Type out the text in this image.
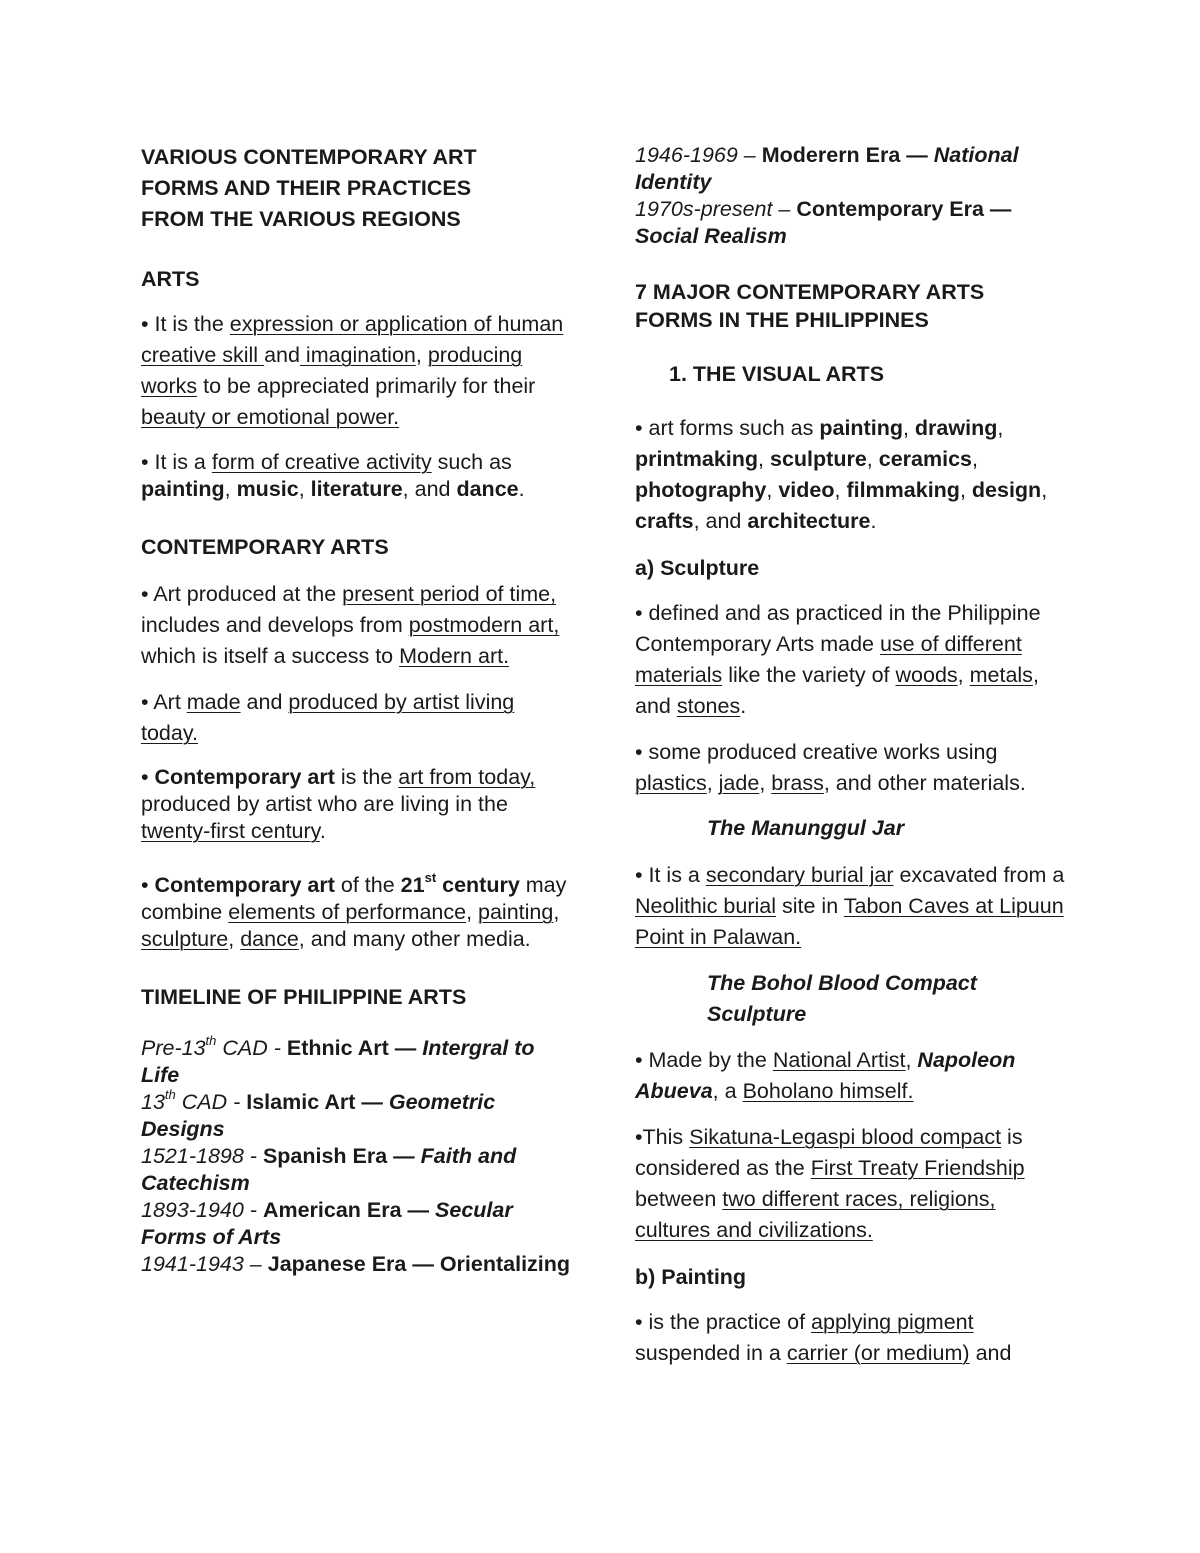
VARIOUS CONTEMPORARY ART
FORMS AND THEIR PRACTICES
FROM THE VARIOUS REGIONS

ARTS

• It is the expression or application of human creative skill and imagination, producing works to be appreciated primarily for their beauty or emotional power.

• It is a form of creative activity such as painting, music, literature, and dance.

CONTEMPORARY ARTS

• Art produced at the present period of time, includes and develops from postmodern art, which is itself a success to Modern art.

• Art made and produced by artist living today.

• Contemporary art is the art from today, produced by artist who are living in the twenty-first century.

• Contemporary art of the 21st century may combine elements of performance, painting, sculpture, dance, and many other media.

TIMELINE OF PHILIPPINE ARTS

Pre-13th CAD - Ethnic Art — Intergral to Life

13th CAD - Islamic Art — Geometric Designs

1521-1898 - Spanish Era — Faith and Catechism

1893-1940 - American Era — Secular Forms of Arts

1941-1943 – Japanese Era — Orientalizing

1946-1969 – Moderern Era — National Identity

1970s-present – Contemporary Era — Social Realism

7 MAJOR CONTEMPORARY ARTS
FORMS IN THE PHILIPPINES

1. THE VISUAL ARTS

• art forms such as painting, drawing, printmaking, sculpture, ceramics, photography, video, filmmaking, design, crafts, and architecture.

a) Sculpture

• defined and as practiced in the Philippine Contemporary Arts made use of different materials like the variety of woods, metals, and stones.

• some produced creative works using plastics, jade, brass, and other materials.

The Manunggul Jar

• It is a secondary burial jar excavated from a Neolithic burial site in Tabon Caves at Lipuun Point in Palawan.

The Bohol Blood Compact
Sculpture

• Made by the National Artist, Napoleon Abueva, a Boholano himself.

•This Sikatuna-Legaspi blood compact is considered as the First Treaty Friendship between two different races, religions, cultures and civilizations.

b) Painting

• is the practice of applying pigment suspended in a carrier (or medium) and
